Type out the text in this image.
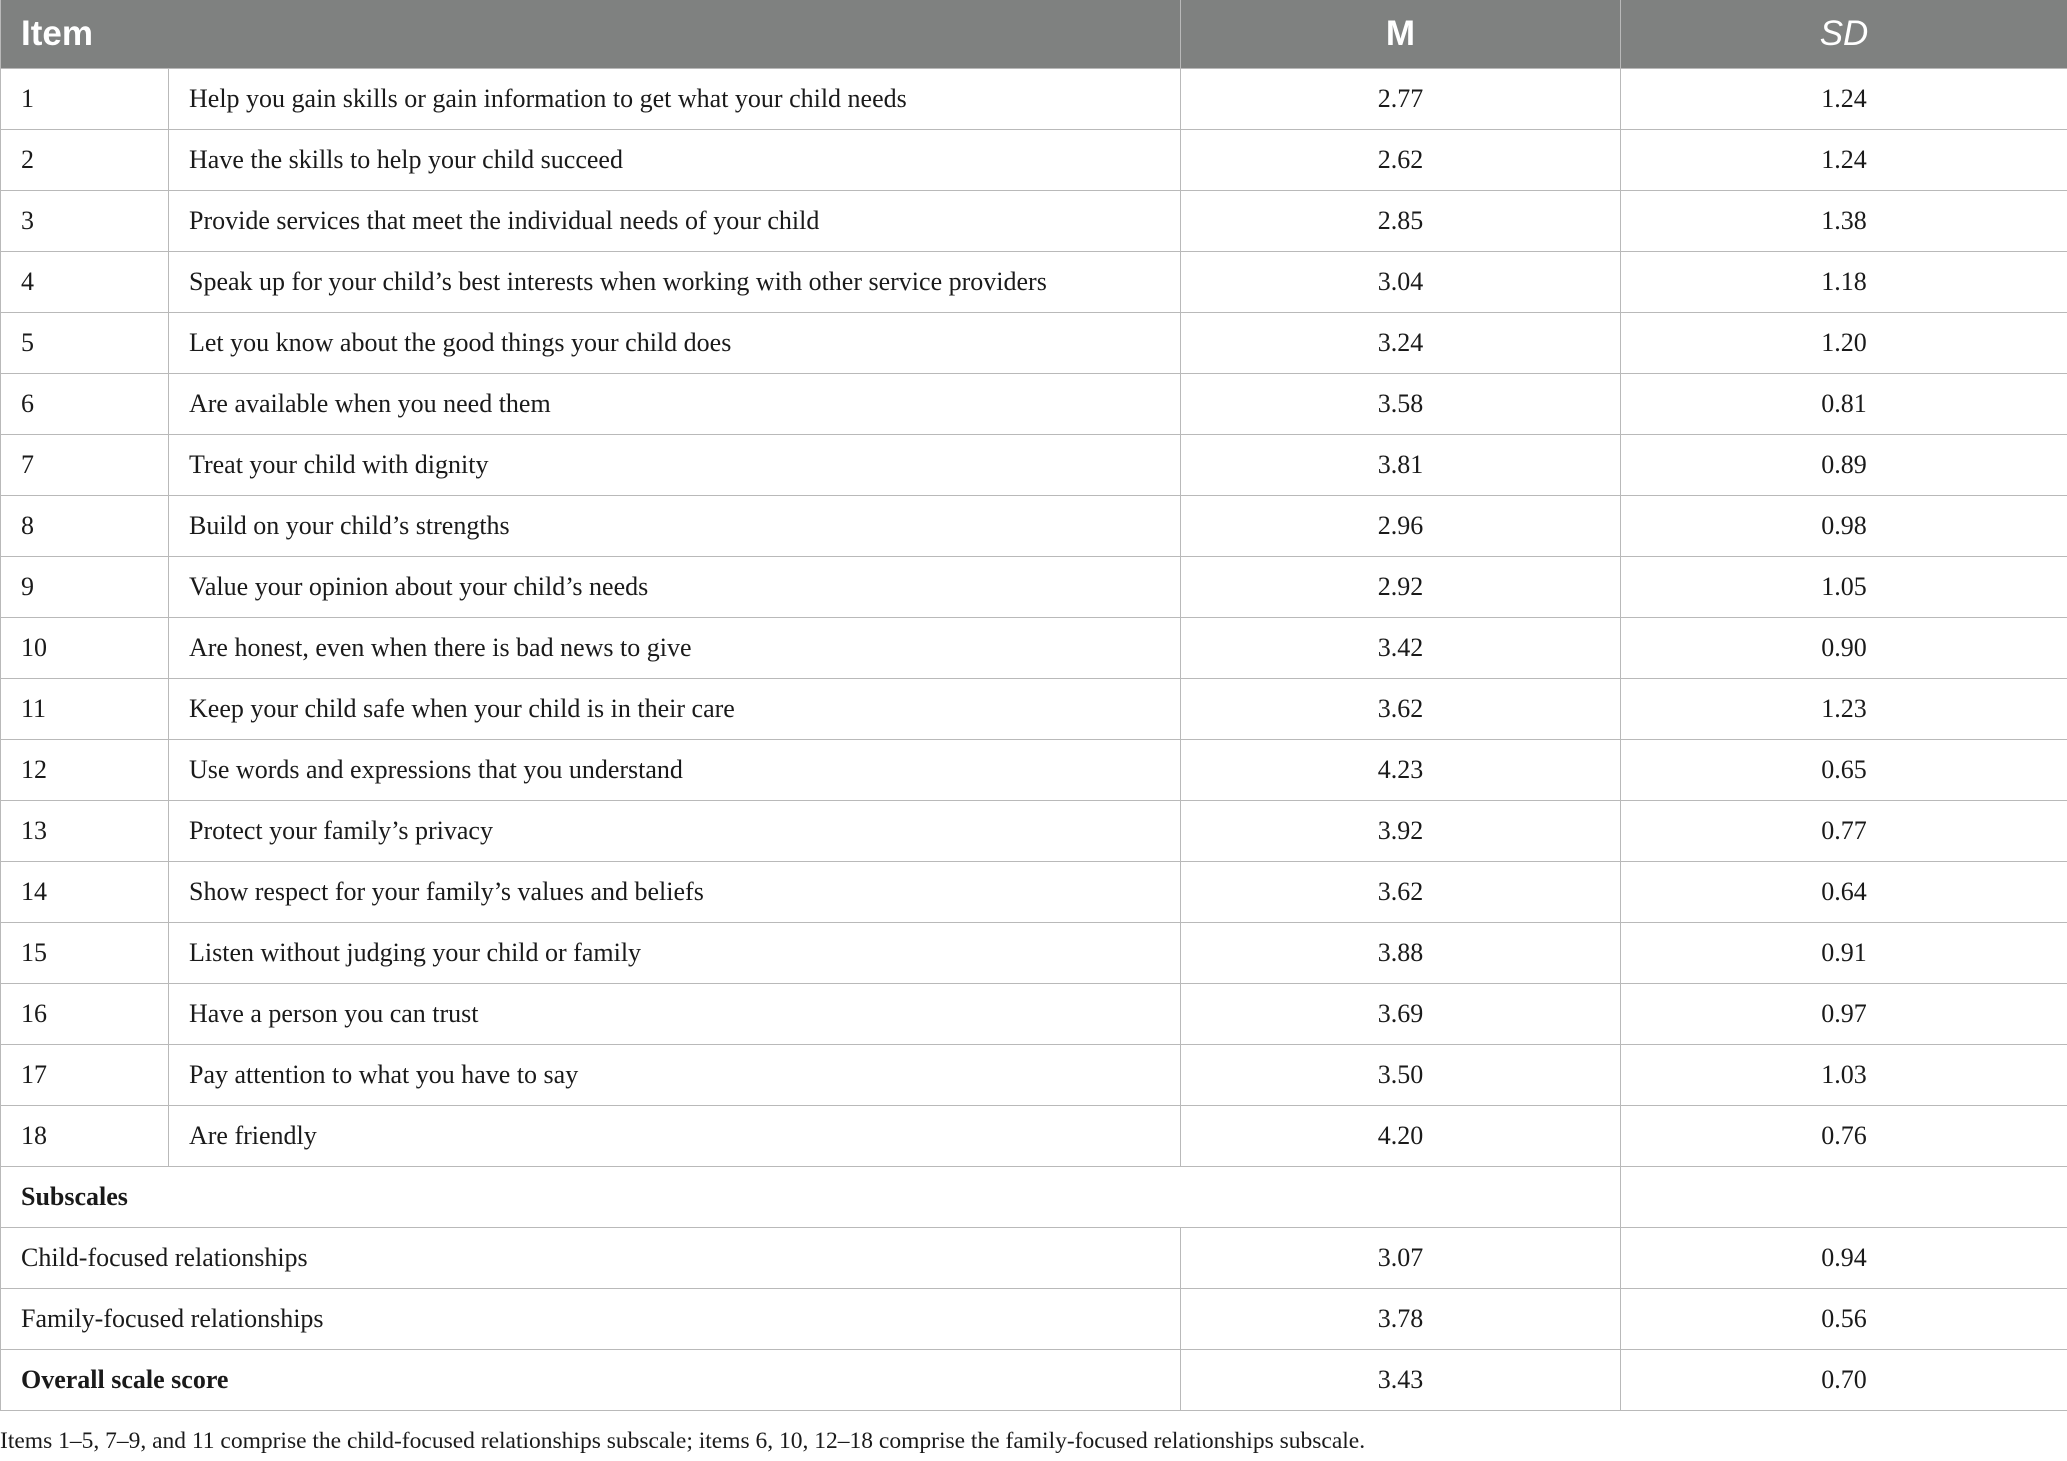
Item		M	SD
1	Help you gain skills or gain information to get what your child needs	2.77	1.24
2	Have the skills to help your child succeed	2.62	1.24
3	Provide services that meet the individual needs of your child	2.85	1.38
4	Speak up for your child’s best interests when working with other service providers	3.04	1.18
5	Let you know about the good things your child does	3.24	1.20
6	Are available when you need them	3.58	0.81
7	Treat your child with dignity	3.81	0.89
8	Build on your child’s strengths	2.96	0.98
9	Value your opinion about your child’s needs	2.92	1.05
10	Are honest, even when there is bad news to give	3.42	0.90
11	Keep your child safe when your child is in their care	3.62	1.23
12	Use words and expressions that you understand	4.23	0.65
13	Protect your family’s privacy	3.92	0.77
14	Show respect for your family’s values and beliefs	3.62	0.64
15	Listen without judging your child or family	3.88	0.91
16	Have a person you can trust	3.69	0.97
17	Pay attention to what you have to say	3.50	1.03
18	Are friendly	4.20	0.76
Subscales			
Child-focused relationships		3.07	0.94
Family-focused relationships		3.78	0.56
Overall scale score		3.43	0.70
Items 1–5, 7–9, and 11 comprise the child-focused relationships subscale; items 6, 10, 12–18 comprise the family-focused relationships subscale.
